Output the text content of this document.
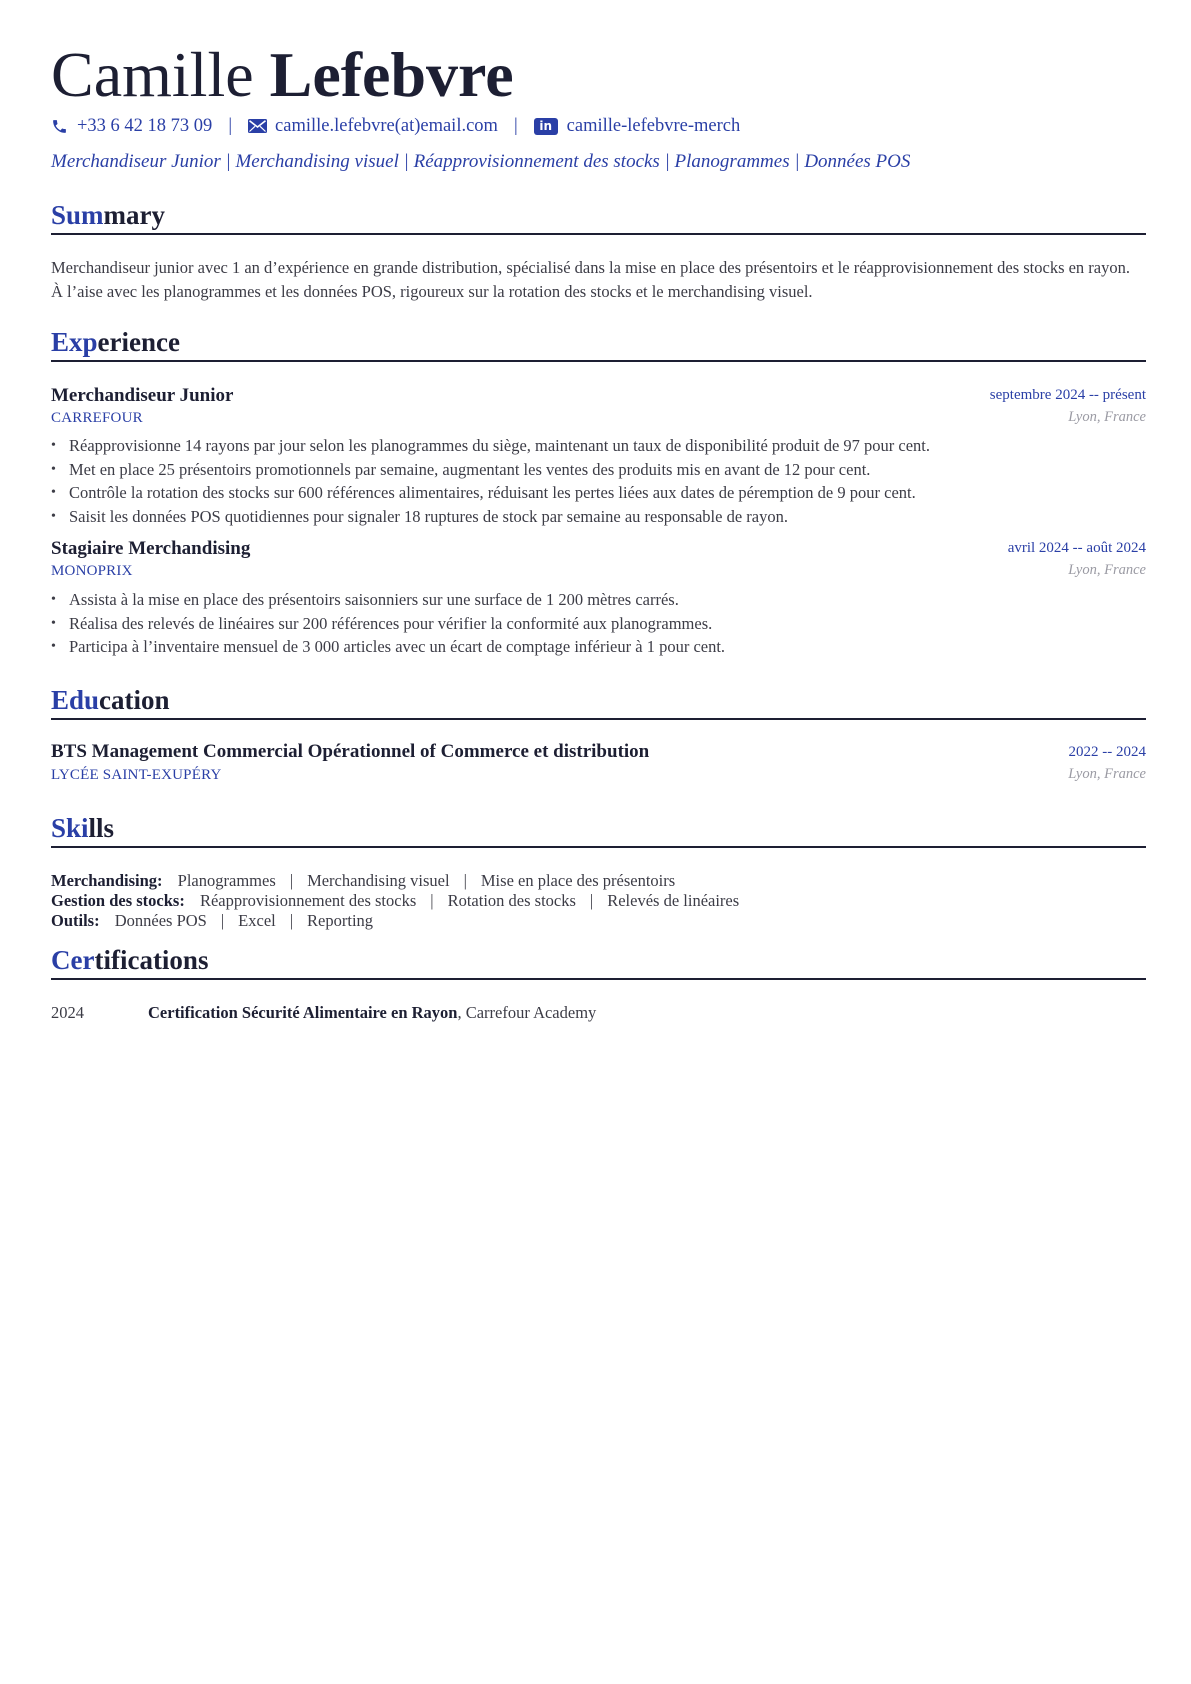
Camille Lefebvre
+33 6 42 18 73 09 | camille.lefebvre(at)email.com |	in camille-lefebvre-merch
Merchandiseur Junior | Merchandising visuel | Réapprovisionnement des stocks | Planogrammes | Données POS
Summary
Merchandiseur junior avec 1 an d’expérience en grande distribution, spécialisé dans la mise en place des présentoirs et le réapprovisionnement des stocks en rayon. À l’aise avec les planogrammes et les données POS, rigoureux sur la rotation des stocks et le merchandising visuel.
Experience
Merchandiseur Junior	septembre 2024 -- présent
CARREFOUR	Lyon, France
• Réapprovisionne 14 rayons par jour selon les planogrammes du siège, maintenant un taux de disponibilité produit de 97 pour cent.
• Met en place 25 présentoirs promotionnels par semaine, augmentant les ventes des produits mis en avant de 12 pour cent.
• Contrôle la rotation des stocks sur 600 références alimentaires, réduisant les pertes liées aux dates de péremption de 9 pour cent.
• Saisit les données POS quotidiennes pour signaler 18 ruptures de stock par semaine au responsable de rayon.
Stagiaire Merchandising	avril 2024 -- août 2024
MONOPRIX	Lyon, France
• Assista à la mise en place des présentoirs saisonniers sur une surface de 1 200 mètres carrés.
• Réalisa des relevés de linéaires sur 200 références pour vérifier la conformité aux planogrammes.
• Participa à l’inventaire mensuel de 3 000 articles avec un écart de comptage inférieur à 1 pour cent.
Education
BTS Management Commercial Opérationnel of Commerce et distribution	2022 -- 2024
LYCÉE SAINT-EXUPÉRY	Lyon, France
Skills
Merchandising: Planogrammes | Merchandising visuel | Mise en place des présentoirs
Gestion des stocks: Réapprovisionnement des stocks | Rotation des stocks | Relevés de linéaires
Outils: Données POS | Excel | Reporting
Certifications
2024	Certification Sécurité Alimentaire en Rayon, Carrefour Academy
